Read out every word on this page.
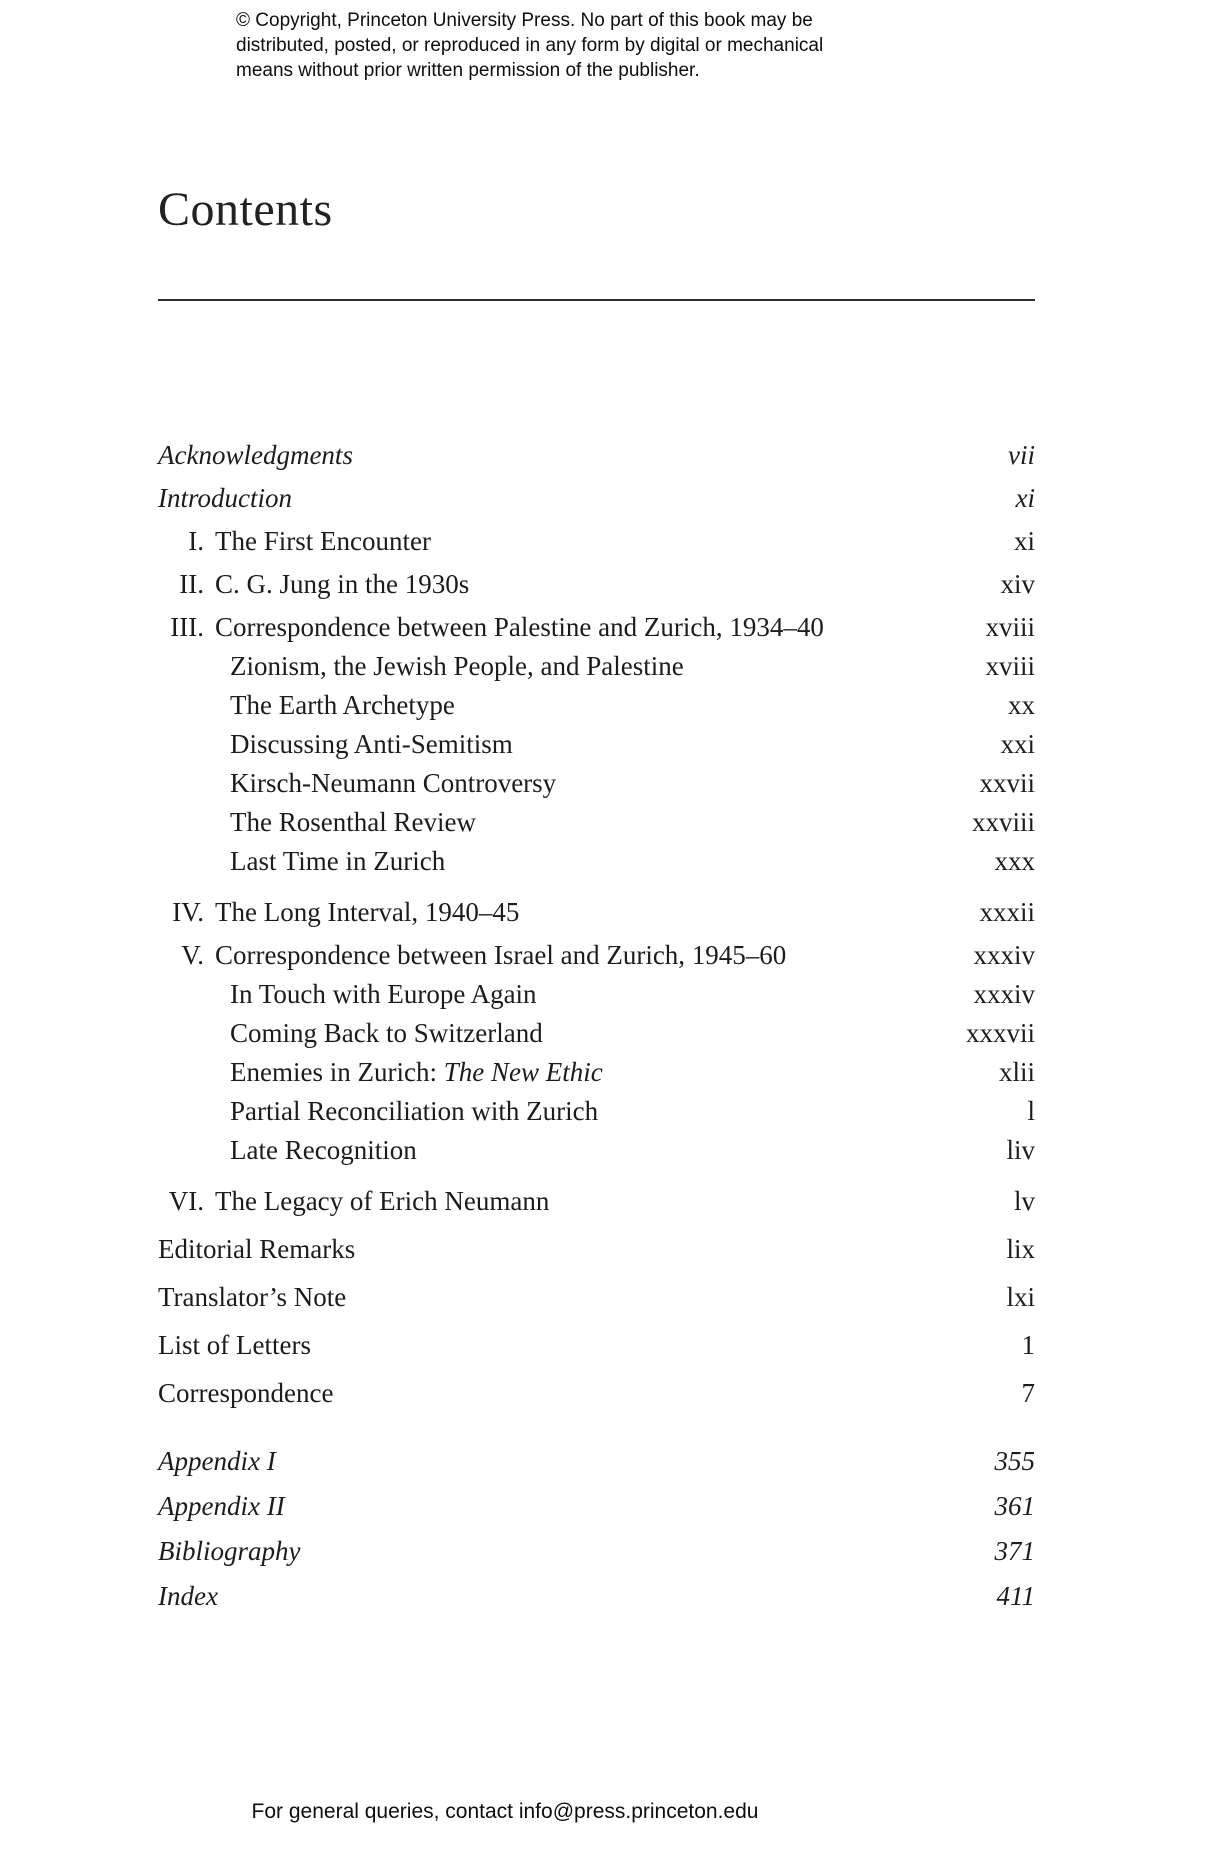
© Copyright, Princeton University Press. No part of this book may be
distributed, posted, or reproduced in any form by digital or mechanical
means without prior written permission of the publisher.
Contents
Acknowledgments	vii
Introduction	xi
I. The First Encounter	xi
II. C. G. Jung in the 1930s	xiv
III. Correspondence between Palestine and Zurich, 1934–40	xviii
Zionism, the Jewish People, and Palestine	xviii
The Earth Archetype	xx
Discussing Anti-Semitism	xxi
Kirsch-Neumann Controversy	xxvii
The Rosenthal Review	xxviii
Last Time in Zurich	xxx
IV. The Long Interval, 1940–45	xxxii
V. Correspondence between Israel and Zurich, 1945–60	xxxiv
In Touch with Europe Again	xxxiv
Coming Back to Switzerland	xxxvii
Enemies in Zurich: The New Ethic	xlii
Partial Reconciliation with Zurich	l
Late Recognition	liv
VI. The Legacy of Erich Neumann	lv
Editorial Remarks	lix
Translator’s Note	lxi
List of Letters	1
Correspondence	7
Appendix I	355
Appendix II	361
Bibliography	371
Index	411
For general queries, contact info@press.princeton.edu
